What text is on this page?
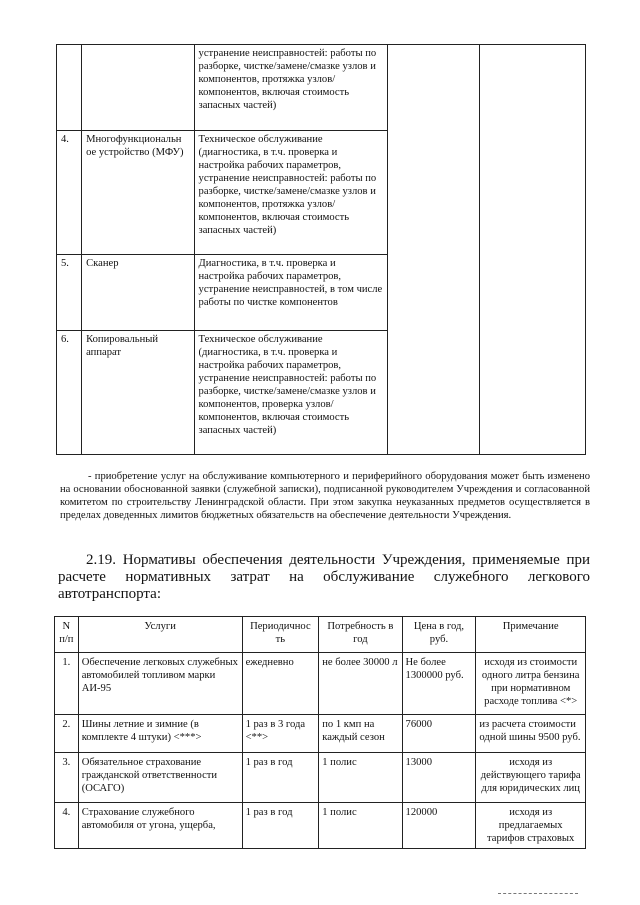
		устранение неисправностей: работы по разборке, чистке/замене/смазке узлов и компонентов, протяжка узлов/компонентов, включая стоимость запасных частей)		
4.	Многофункциональн ое устройство (МФУ)	Техническое обслуживание (диагностика, в т.ч. проверка и настройка рабочих параметров, устранение неисправностей: работы по разборке, чистке/замене/смазке узлов и компонентов, протяжка узлов/компонентов, включая стоимость запасных частей)		
5.	Сканер	Диагностика, в т.ч. проверка и настройка рабочих параметров, устранение неисправностей, в том числе работы по чистке компонентов		
6.	Копировальный аппарат	Техническое обслуживание (диагностика, в т.ч. проверка и настройка рабочих параметров, устранение неисправностей: работы по разборке, чистке/замене/смазке узлов и компонентов, проверка узлов/компонентов, включая стоимость запасных частей)		
- приобретение услуг на обслуживание компьютерного и периферийного оборудования может быть изменено на основании обоснованной заявки (служебной записки), подписанной руководителем Учреждения и согласованной комитетом по строительству Ленинградской области. При этом закупка неуказанных предметов осуществляется в пределах доведенных лимитов бюджетных обязательств на обеспечение деятельности Учреждения.
2.19. Нормативы обеспечения деятельности Учреждения, применяемые при расчете нормативных затрат на обслуживание служебного легкового автотранспорта:
N п/п	Услуги	Периодичнос ть	Потребность в год	Цена в год, руб.	Примечание
1.	Обеспечение легковых служебных автомобилей топливом марки АИ-95	ежедневно	не более 30000 л	Не более 1300000 руб.	исходя из стоимости одного литра бензина при нормативном расходе топлива <*>
2.	Шины летние и зимние (в комплекте 4 штуки) <***>	1 раз в 3 года <**>	по 1 кмп на каждый сезон	76000	из расчета стоимости одной шины 9500 руб.
3.	Обязательное страхование гражданской ответственности (ОСАГО)	1 раз в год	1 полис	13000	исходя из действующего тарифа для юридических лиц
4.	Страхование служебного автомобиля от угона, ущерба,	1 раз в год	1 полис	120000	исходя из предлагаемых тарифов страховых
